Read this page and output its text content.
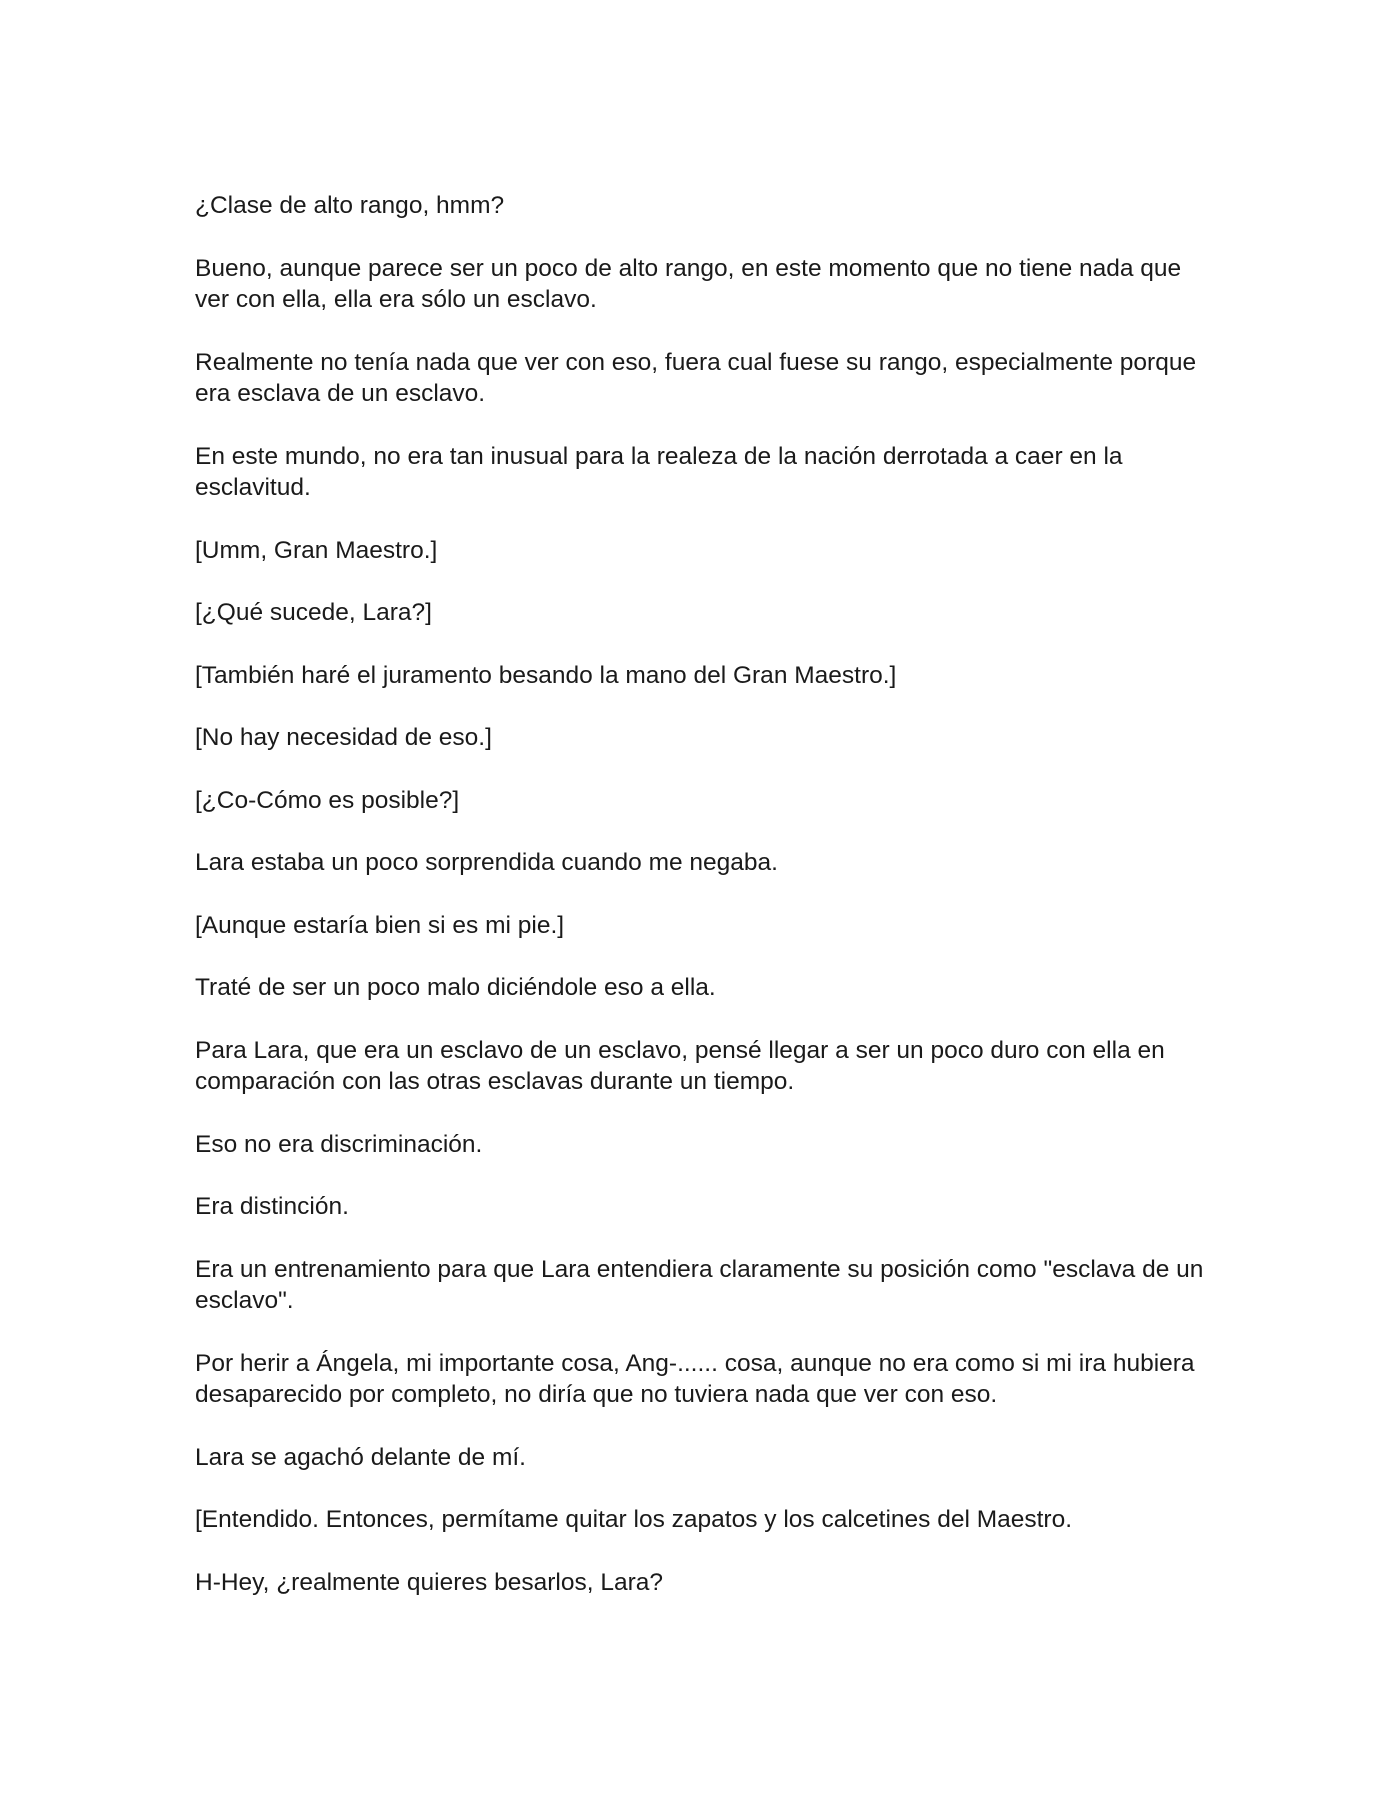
¿Clase de alto rango, hmm?

Bueno, aunque parece ser un poco de alto rango, en este momento que no tiene nada que ver con ella, ella era sólo un esclavo.

Realmente no tenía nada que ver con eso, fuera cual fuese su rango, especialmente porque era esclava de un esclavo.

En este mundo, no era tan inusual para la realeza de la nación derrotada a caer en la esclavitud.

[Umm, Gran Maestro.]

[¿Qué sucede, Lara?]

[También haré el juramento besando la mano del Gran Maestro.]

[No hay necesidad de eso.]

[¿Co-Cómo es posible?]

Lara estaba un poco sorprendida cuando me negaba.

[Aunque estaría bien si es mi pie.]

Traté de ser un poco malo diciéndole eso a ella.

Para Lara, que era un esclavo de un esclavo, pensé llegar a ser un poco duro con ella en comparación con las otras esclavas durante un tiempo.

Eso no era discriminación.

Era distinción.

Era un entrenamiento para que Lara entendiera claramente su posición como "esclava de un esclavo".

Por herir a Ángela, mi importante cosa, Ang-...... cosa, aunque no era como si mi ira hubiera desaparecido por completo, no diría que no tuviera nada que ver con eso.

Lara se agachó delante de mí.

[Entendido. Entonces, permítame quitar los zapatos y los calcetines del Maestro.

H-Hey, ¿realmente quieres besarlos, Lara?
